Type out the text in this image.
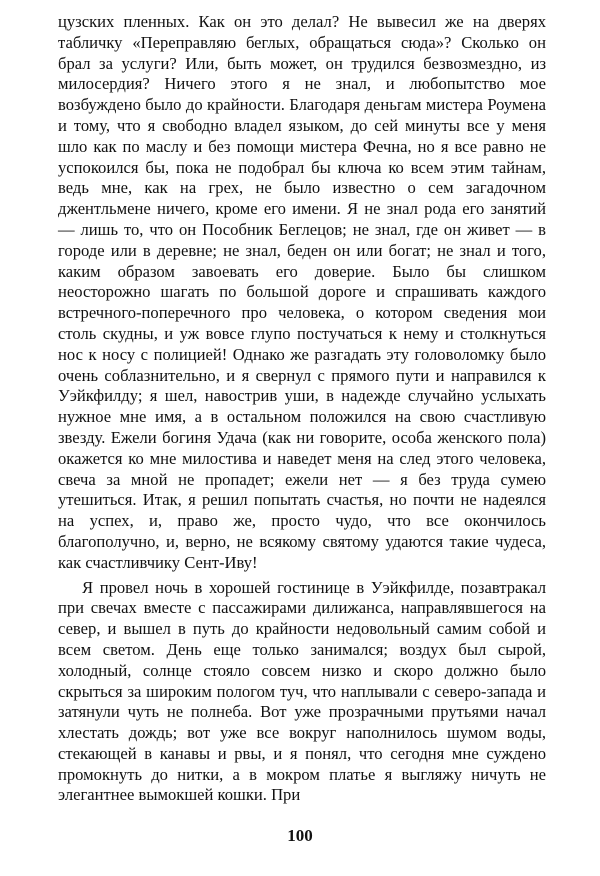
цузских пленных. Как он это делал? Не вывесил же на дверях табличку «Переправляю беглых, обращаться сюда»? Сколько он брал за услуги? Или, быть может, он трудился безвозмездно, из милосердия? Ничего этого я не знал, и любопытство мое возбуждено было до крайности. Благодаря деньгам мистера Роумена и тому, что я свободно владел языком, до сей минуты все у меня шло как по маслу и без помощи мистера Фечна, но я все равно не успокоился бы, пока не подобрал бы ключа ко всем этим тайнам, ведь мне, как на грех, не было известно о сем загадочном джентльмене ничего, кроме его имени. Я не знал рода его занятий — лишь то, что он Пособник Беглецов; не знал, где он живет — в городе или в деревне; не знал, беден он или богат; не знал и того, каким образом завоевать его доверие. Было бы слишком неосторожно шагать по большой дороге и спрашивать каждого встречного-поперечного про человека, о котором сведения мои столь скудны, и уж вовсе глупо постучаться к нему и столкнуться нос к носу с полицией! Однако же разгадать эту головоломку было очень соблазнительно, и я свернул с прямого пути и направился к Уэйкфилду; я шел, навострив уши, в надежде случайно услыхать нужное мне имя, а в остальном положился на свою счастливую звезду. Ежели богиня Удача (как ни говорите, особа женского пола) окажется ко мне милостива и наведет меня на след этого человека, свеча за мной не пропадет; ежели нет — я без труда сумею утешиться. Итак, я решил попытать счастья, но почти не надеялся на успех, и, право же, просто чудо, что все окончилось благополучно, и, верно, не всякому святому удаются такие чудеса, как счастливчику Сент-Иву!

Я провел ночь в хорошей гостинице в Уэйкфилде, позавтракал при свечах вместе с пассажирами дилижанса, направлявшегося на север, и вышел в путь до крайности недовольный самим собой и всем светом. День еще только занимался; воздух был сырой, холодный, солнце стояло совсем низко и скоро должно было скрыться за широким пологом туч, что наплывали с северо-запада и затянули чуть не полнеба. Вот уже прозрачными прутьями начал хлестать дождь; вот уже все вокруг наполнилось шумом воды, стекающей в канавы и рвы, и я понял, что сегодня мне суждено промокнуть до нитки, а в мокром платье я выгляжу ничуть не элегантнее вымокшей кошки. При

100
